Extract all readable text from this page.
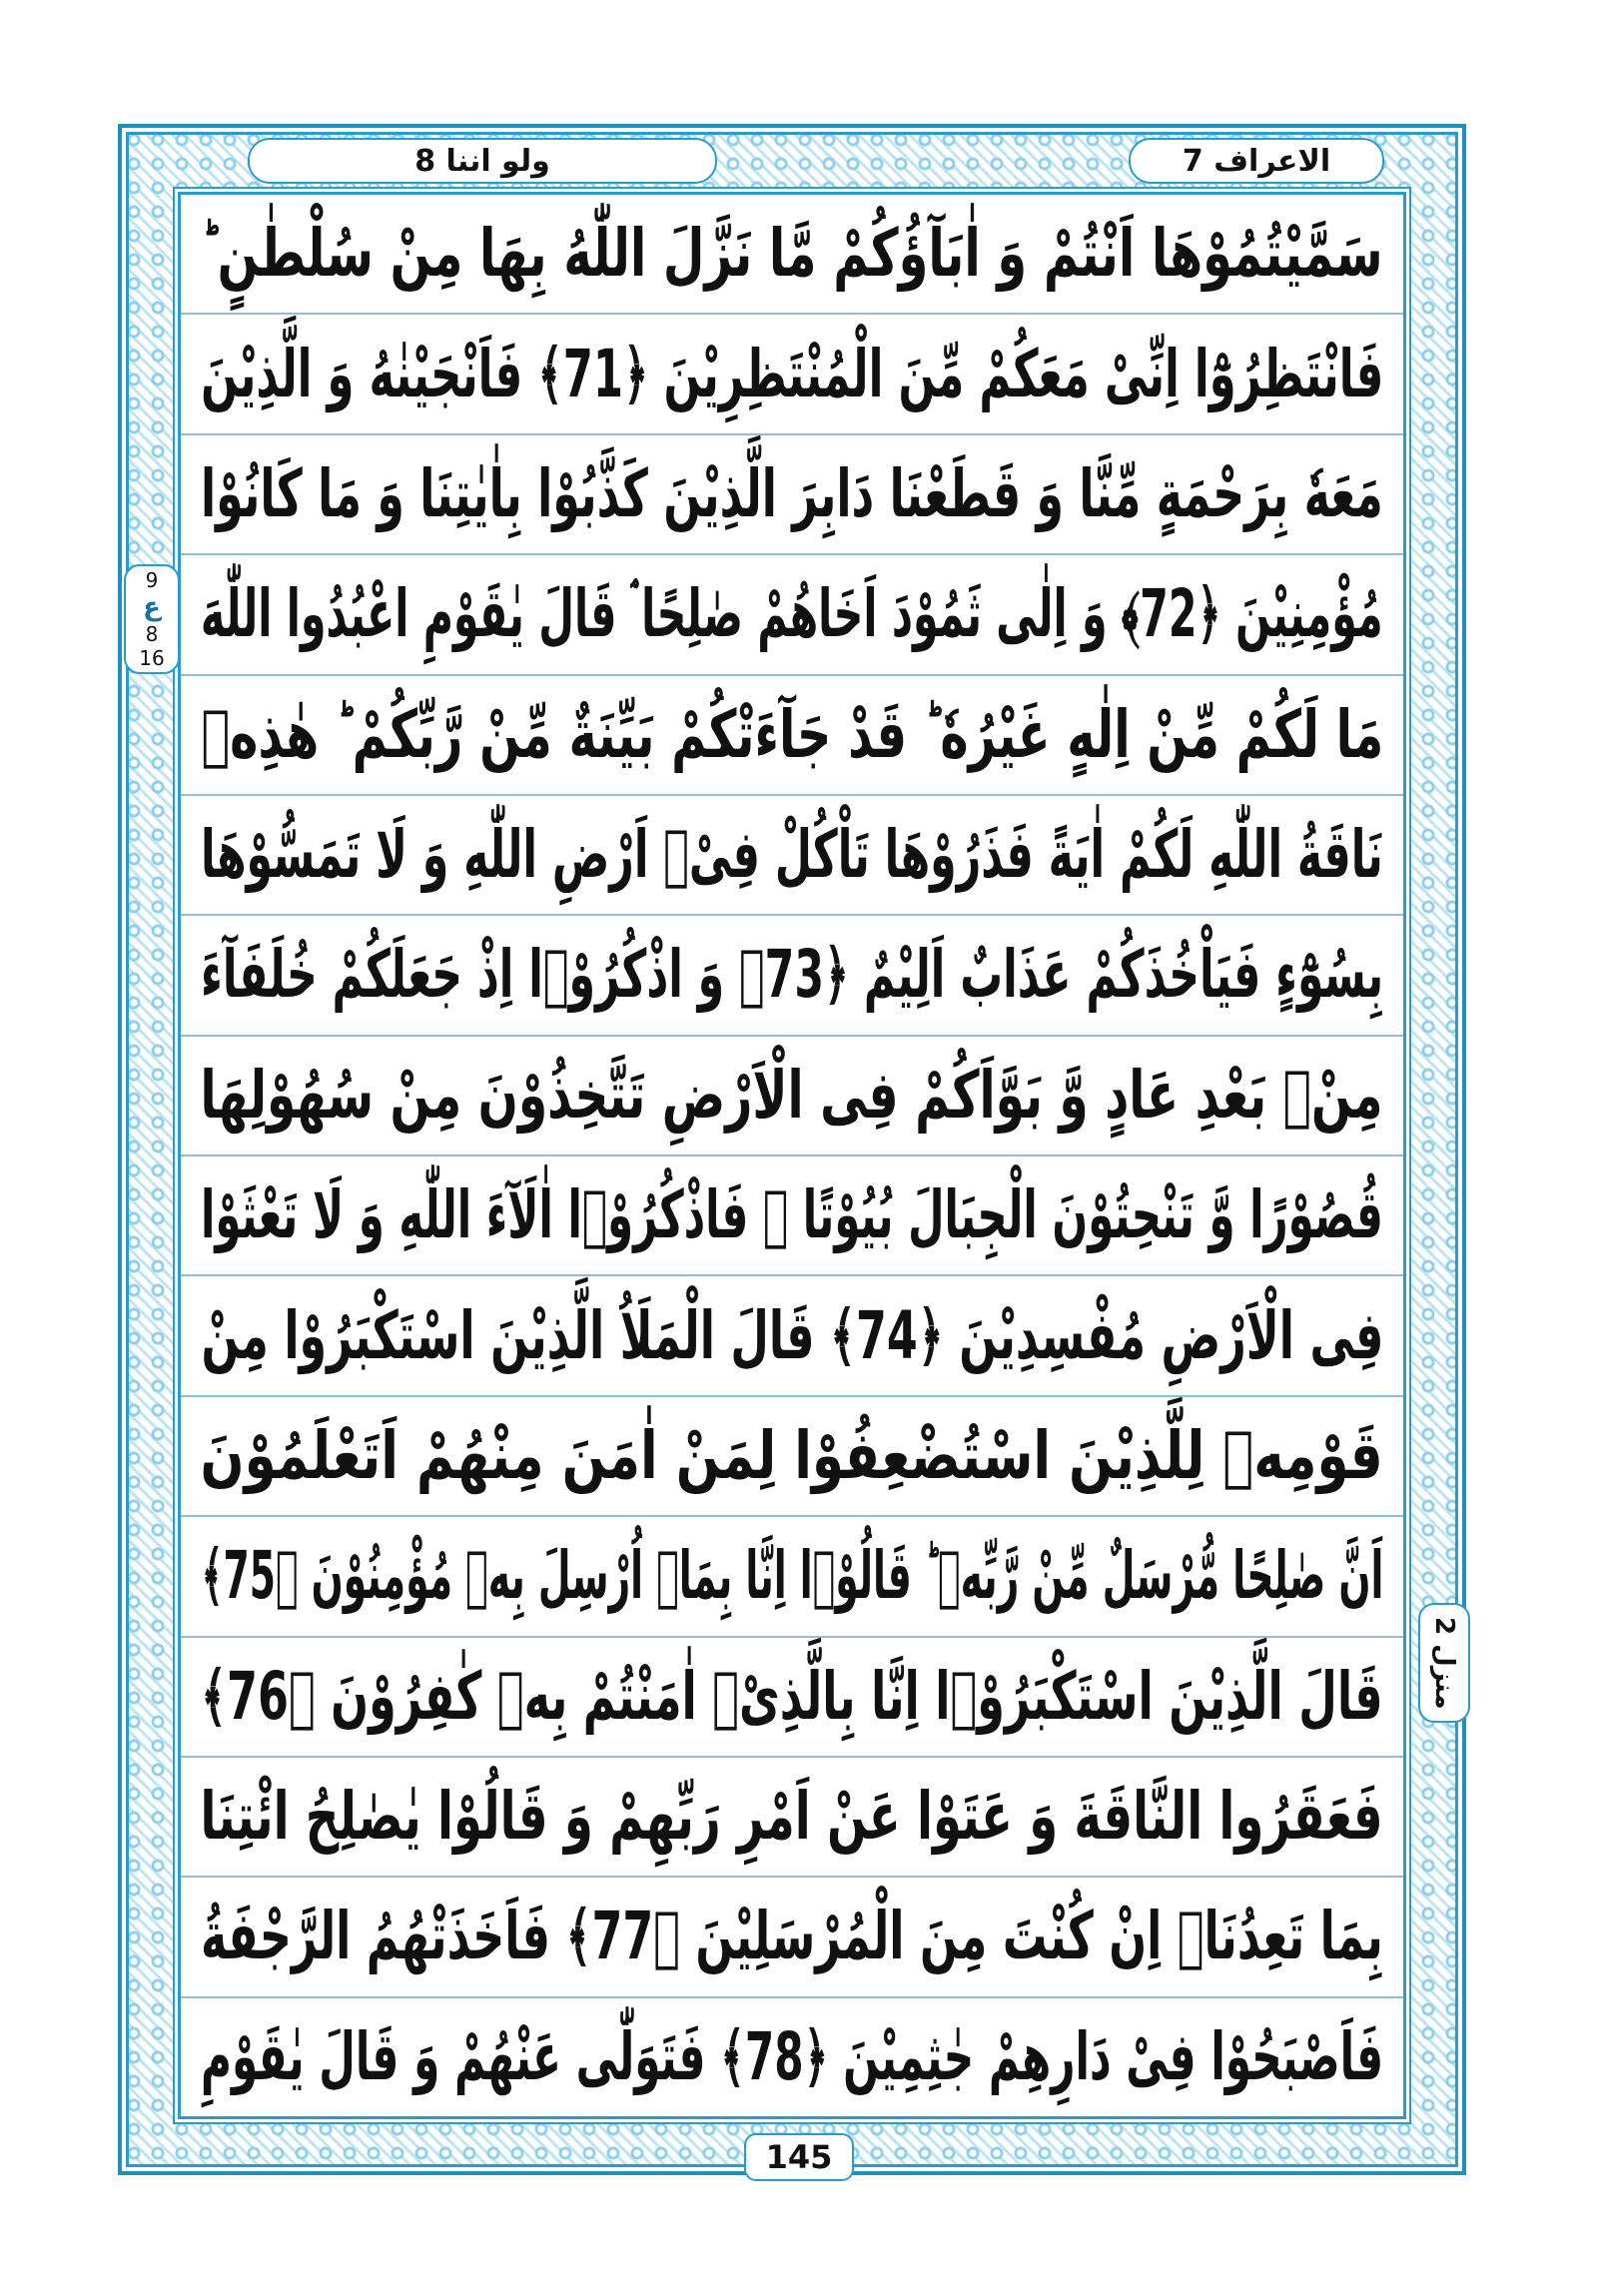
ولو اننا 8	الاعراف 7
سَمَّيْتُمُوْهَا اَنْتُمْ وَ اٰبَآؤُكُمْ مَّا نَزَّلَ اللّٰهُ بِهَا مِنْ سُلْطٰنٍ ؕ
فَانْتَظِرُوْٓا اِنِّیْ مَعَكُمْ مِّنَ الْمُنْتَظِرِیْنَ ﴿71﴾ فَاَنْجَیْنٰهُ وَ الَّذِیْنَ
مَعَهٗ بِرَحْمَةٍ مِّنَّا وَ قَطَعْنَا دَابِرَ الَّذِیْنَ كَذَّبُوْا بِاٰیٰتِنَا وَ مَا كَانُوْا
مُؤْمِنِیْنَ ﴿72﴾ وَ اِلٰی ثَمُوْدَ اَخَاهُمْ صٰلِحًا ۘ قَالَ یٰقَوْمِ اعْبُدُوا اللّٰهَ
مَا لَكُمْ مِّنْ اِلٰهٍ غَیْرُهٗ ؕ قَدْ جَآءَتْكُمْ بَیِّنَةٌ مِّنْ رَّبِّكُمْ ؕ هٰذِهٖ
نَاقَةُ اللّٰهِ لَكُمْ اٰیَةً فَذَرُوْهَا تَاْكُلْ فِیْۤ اَرْضِ اللّٰهِ وَ لَا تَمَسُّوْهَا
بِسُوْٓءٍ فَیَاْخُذَكُمْ عَذَابٌ اَلِیْمٌ ﴿73﴾ وَ اذْكُرُوْۤا اِذْ جَعَلَكُمْ خُلَفَآءَ
مِنْۢ بَعْدِ عَادٍ وَّ بَوَّاَكُمْ فِی الْاَرْضِ تَتَّخِذُوْنَ مِنْ سُهُوْلِهَا
قُصُوْرًا وَّ تَنْحِتُوْنَ الْجِبَالَ بُیُوْتًا ۚ فَاذْكُرُوْۤا اٰلَآءَ اللّٰهِ وَ لَا تَعْثَوْا
فِی الْاَرْضِ مُفْسِدِیْنَ ﴿74﴾ قَالَ الْمَلَاُ الَّذِیْنَ اسْتَكْبَرُوْا مِنْ
قَوْمِهٖ لِلَّذِیْنَ اسْتُضْعِفُوْا لِمَنْ اٰمَنَ مِنْهُمْ اَتَعْلَمُوْنَ
اَنَّ صٰلِحًا مُّرْسَلٌ مِّنْ رَّبِّهٖ ؕ قَالُوْۤا اِنَّا بِمَاۤ اُرْسِلَ بِهٖ مُؤْمِنُوْنَ ﴿75﴾
قَالَ الَّذِیْنَ اسْتَكْبَرُوْۤا اِنَّا بِالَّذِیْۤ اٰمَنْتُمْ بِهٖ كٰفِرُوْنَ ﴿76﴾
فَعَقَرُوا النَّاقَةَ وَ عَتَوْا عَنْ اَمْرِ رَبِّهِمْ وَ قَالُوْا یٰصٰلِحُ ائْتِنَا
بِمَا تَعِدُنَاۤ اِنْ كُنْتَ مِنَ الْمُرْسَلِیْنَ ﴿77﴾ فَاَخَذَتْهُمُ الرَّجْفَةُ
فَاَصْبَحُوْا فِیْ دَارِهِمْ جٰثِمِیْنَ ﴿78﴾ فَتَوَلّٰی عَنْهُمْ وَ قَالَ یٰقَوْمِ
9
ع
8
16
منزل 2
145
